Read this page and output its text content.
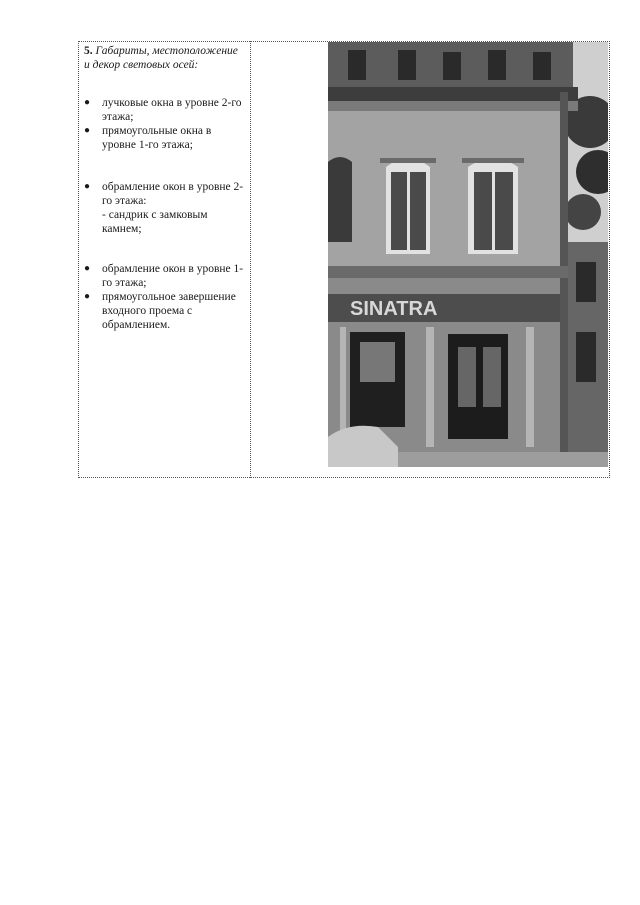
5. Габариты, местоположение и декор световых осей:
●	лучковые окна в уровне 2-го этажа;
●	прямоугольные окна в уровне 1-го этажа;
●	обрамление окон в уровне 2-го этажа:
- сандрик с замковым камнем;
●	обрамление окон в уровне 1-го этажа;
●	прямоугольное завершение входного проема с обрамлением.
SINATRA
